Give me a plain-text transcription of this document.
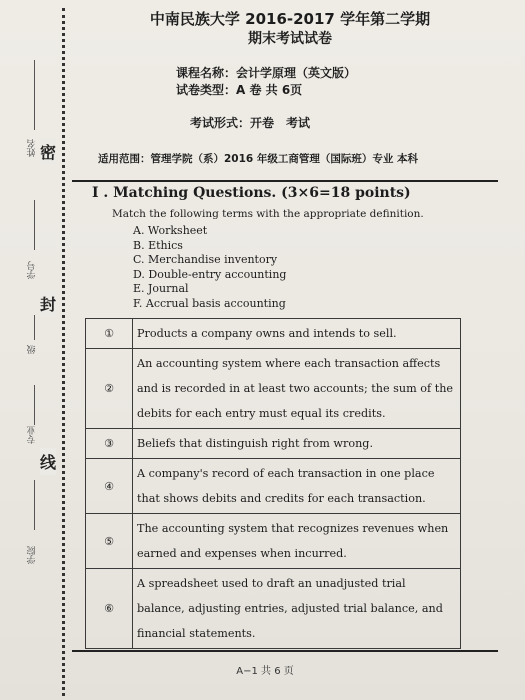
姓名
学号
级
专业
学院
密
封
线
中南民族大学 2016-2017 学年第二学期
期末考试试卷
课程名称：会计学原理（英文版）
试卷类型：A 卷 共 6页
考试形式：开卷　考试
适用范围：管理学院（系）2016 年级工商管理（国际班）专业 本科
I . Matching Questions. (3×6=18 points)
Match the following terms with the appropriate definition.
A. Worksheet
B. Ethics
C. Merchandise inventory
D. Double-entry accounting
E. Journal
F. Accrual basis accounting
①	Products a company owns and intends to sell.
②	An accounting system where each transaction affects and is recorded in at least two accounts; the sum of the debits for each entry must equal its credits.
③	Beliefs that distinguish right from wrong.
④	A company's record of each transaction in one place that shows debits and credits for each transaction.
⑤	The accounting system that recognizes revenues when earned and expenses when incurred.
⑥	A spreadsheet used to draft an unadjusted trial balance, adjusting entries, adjusted trial balance, and financial statements.
A−1 共 6 页
